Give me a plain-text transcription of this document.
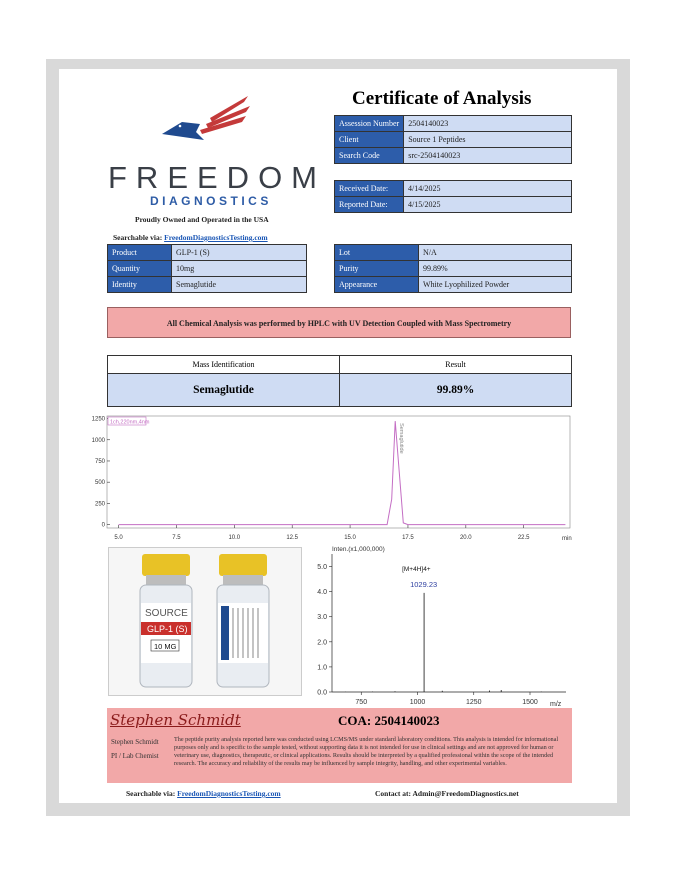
FREEDOM
DIAGNOSTICS
Proudly Owned and Operated in the USA
Searchable via: FreedomDiagnosticsTesting.com
Certificate of Analysis
Assession Number	2504140023
Client	Source 1 Peptides
Search Code	src-2504140023
Received Date:	4/14/2025
Reported Date:	4/15/2025
Product	GLP-1 (S)
Quantity	10mg
Identity	Semaglutide
Lot	N/A
Purity	99.89%
Appearance	White Lyophilized Powder
All Chemical Analysis was performed by HPLC with UV Detection Coupled with Mass Spectrometry
Mass Identification	Result
Semaglutide	99.89%
1250
1000
750
500
250
0
5.0	7.5	10.0	12.5	15.0	17.5	20.0	22.5
1ch,220nm,4nm
Semaglutide
min
SOURCE
GLP-1 (S)
10 MG
Inten.(x1,000,000)
5.0
4.0
3.0
2.0
1.0
0.0
750	1000	1250	1500
[M+4H]4+
1029.23
m/z
Stephen Schmidt	COA: 2504140023
Stephen Schmidt
PI / Lab Chemist
The peptide purity analysis reported here was conducted using LCMS/MS under standard laboratory conditions. This analysis is intended for informational purposes only and is specific to the sample tested, without supporting data it is not intended for use in clinical settings and are not approved for human or veterinary use, diagnostics, therapeutic, or clinical applications. Results should be interpreted by a qualified professional within the scope of the intended research. The accuracy and reliability of the results may be influenced by sample integrity, handling, and other experimental variables.
Searchable via: FreedomDiagnosticsTesting.com	Contact at: Admin@FreedomDiagnostics.net
